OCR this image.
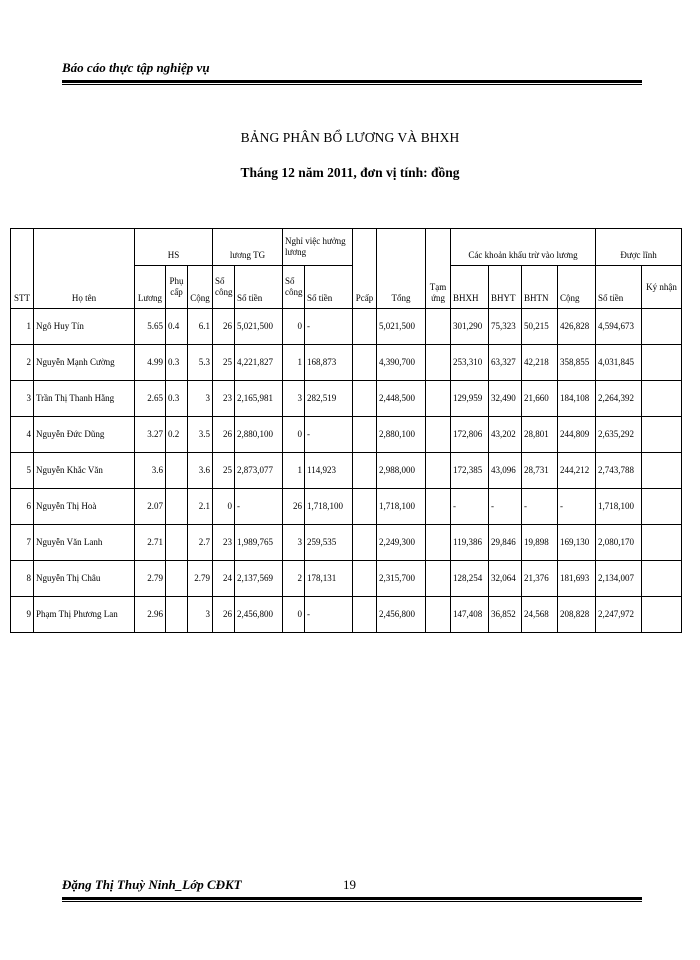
Báo cáo thực tập nghiệp vụ
BẢNG PHÂN BỔ LƯƠNG VÀ BHXH
Tháng 12 năm 2011, đơn vị tính: đồng
STT	Họ tên	HS			lương TG		Nghỉ việc hưởng lương		Pcấp	Tổng	Tạm ứng	Các khoản khấu trừ vào lương				Được lĩnh	
		Lương	Phụ cấp	Cộng	Số công	Số tiền	Số công	Số tiền				BHXH	BHYT	BHTN	Cộng	Số tiền	Ký nhận
1	Ngô Huy Tín	5.65	0.4	6.1	26	5,021,500	0	-		5,021,500		301,290	75,323	50,215	426,828	4,594,673	
2	Nguyễn Mạnh Cường	4.99	0.3	5.3	25	4,221,827	1	168,873		4,390,700		253,310	63,327	42,218	358,855	4,031,845	
3	Trần Thị Thanh Hằng	2.65	0.3	3	23	2,165,981	3	282,519		2,448,500		129,959	32,490	21,660	184,108	2,264,392	
4	Nguyễn Đức Dũng	3.27	0.2	3.5	26	2,880,100	0	-		2,880,100		172,806	43,202	28,801	244,809	2,635,292	
5	Nguyễn Khắc Văn	3.6		3.6	25	2,873,077	1	114,923		2,988,000		172,385	43,096	28,731	244,212	2,743,788	
6	Nguyễn Thị Hoà	2.07		2.1	0	-	26	1,718,100		1,718,100		-	-	-	-	1,718,100	
7	Nguyễn Văn Lanh	2.71		2.7	23	1,989,765	3	259,535		2,249,300		119,386	29,846	19,898	169,130	2,080,170	
8	Nguyễn Thị Châu	2.79		2.79	24	2,137,569	2	178,131		2,315,700		128,254	32,064	21,376	181,693	2,134,007	
9	Phạm Thị Phương Lan	2.96		3	26	2,456,800	0	-		2,456,800		147,408	36,852	24,568	208,828	2,247,972	
Đặng Thị Thuỳ Ninh_Lớp CĐKT	19
